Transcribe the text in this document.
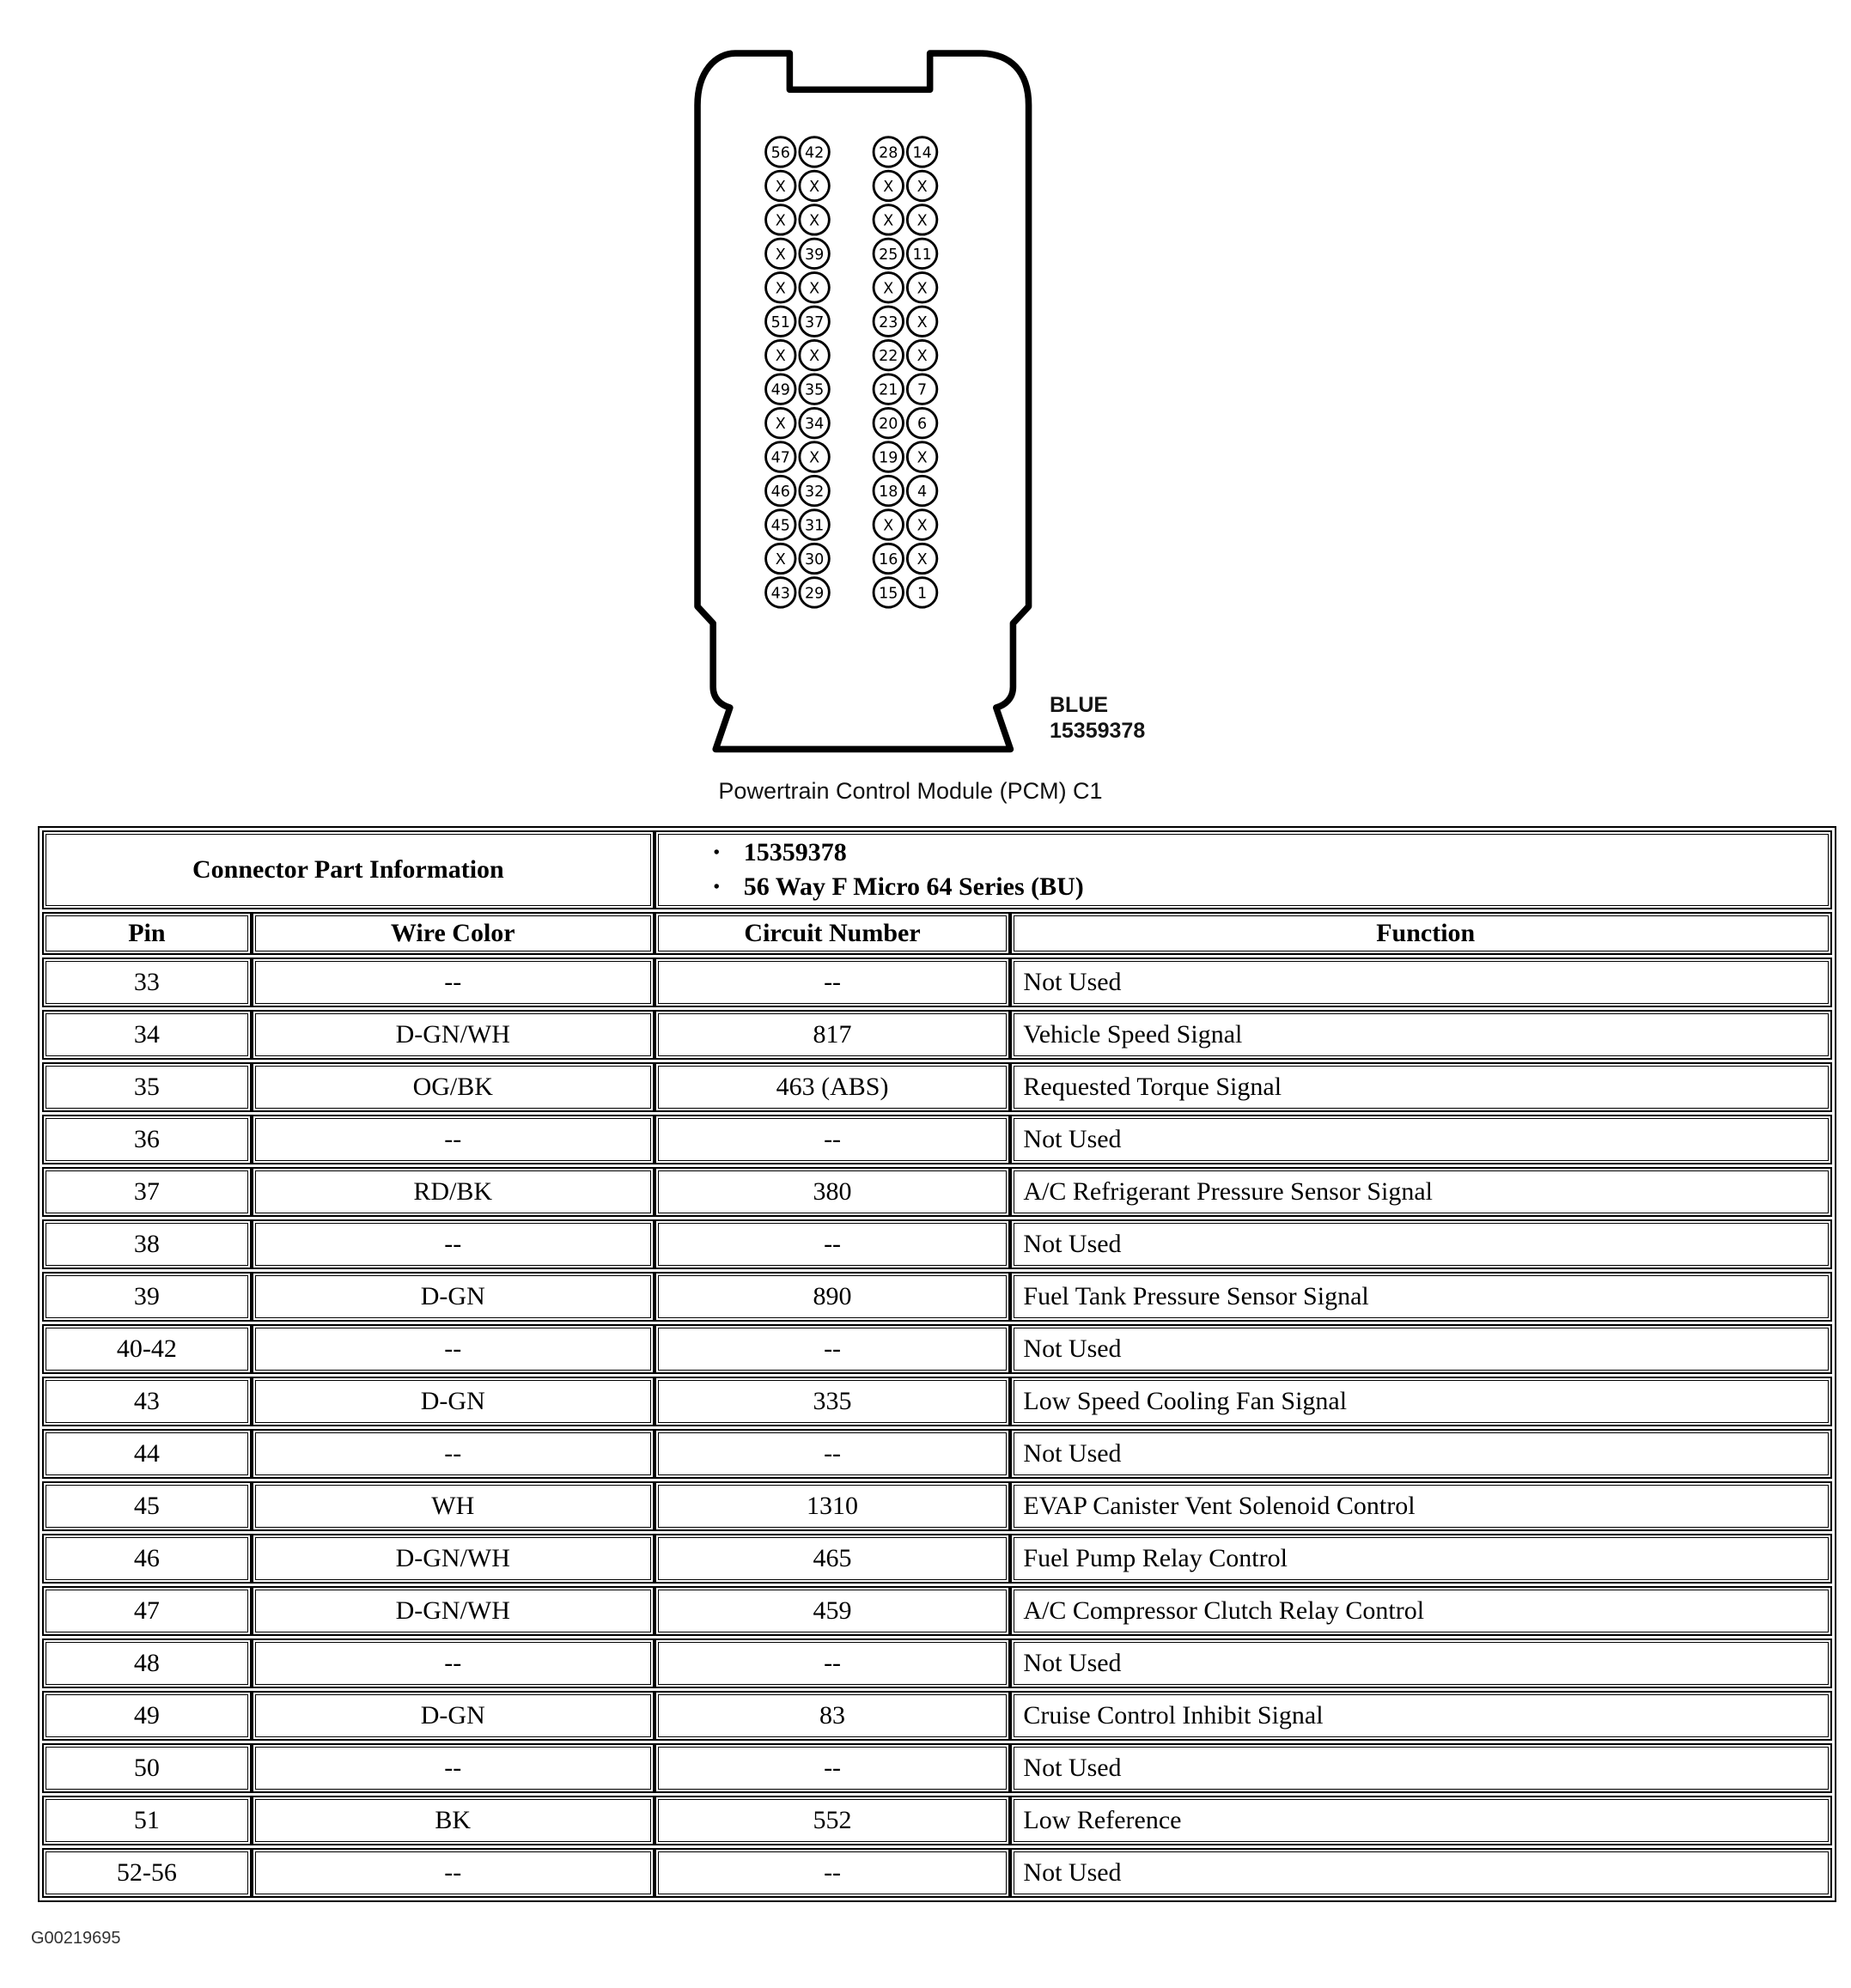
56 42	28 14
X X	X X
X X	X X
X 39	25 11
X X	X X
51 37	23 X
X X	22 X
49 35	21 7
X 34	20 6
47 X	19 X
46 32	18 4
45 31	X X
X 30	16 X
43 29	15 1
BLUE
15359378
Powertrain Control Module (PCM) C1
Connector Part Information
• 15359378
• 56 Way F Micro 64 Series (BU)
Pin	Wire Color	Circuit Number	Function
33	--	--	Not Used
34	D-GN/WH	817	Vehicle Speed Signal
35	OG/BK	463 (ABS)	Requested Torque Signal
36	--	--	Not Used
37	RD/BK	380	A/C Refrigerant Pressure Sensor Signal
38	--	--	Not Used
39	D-GN	890	Fuel Tank Pressure Sensor Signal
40-42	--	--	Not Used
43	D-GN	335	Low Speed Cooling Fan Signal
44	--	--	Not Used
45	WH	1310	EVAP Canister Vent Solenoid Control
46	D-GN/WH	465	Fuel Pump Relay Control
47	D-GN/WH	459	A/C Compressor Clutch Relay Control
48	--	--	Not Used
49	D-GN	83	Cruise Control Inhibit Signal
50	--	--	Not Used
51	BK	552	Low Reference
52-56	--	--	Not Used
G00219695
